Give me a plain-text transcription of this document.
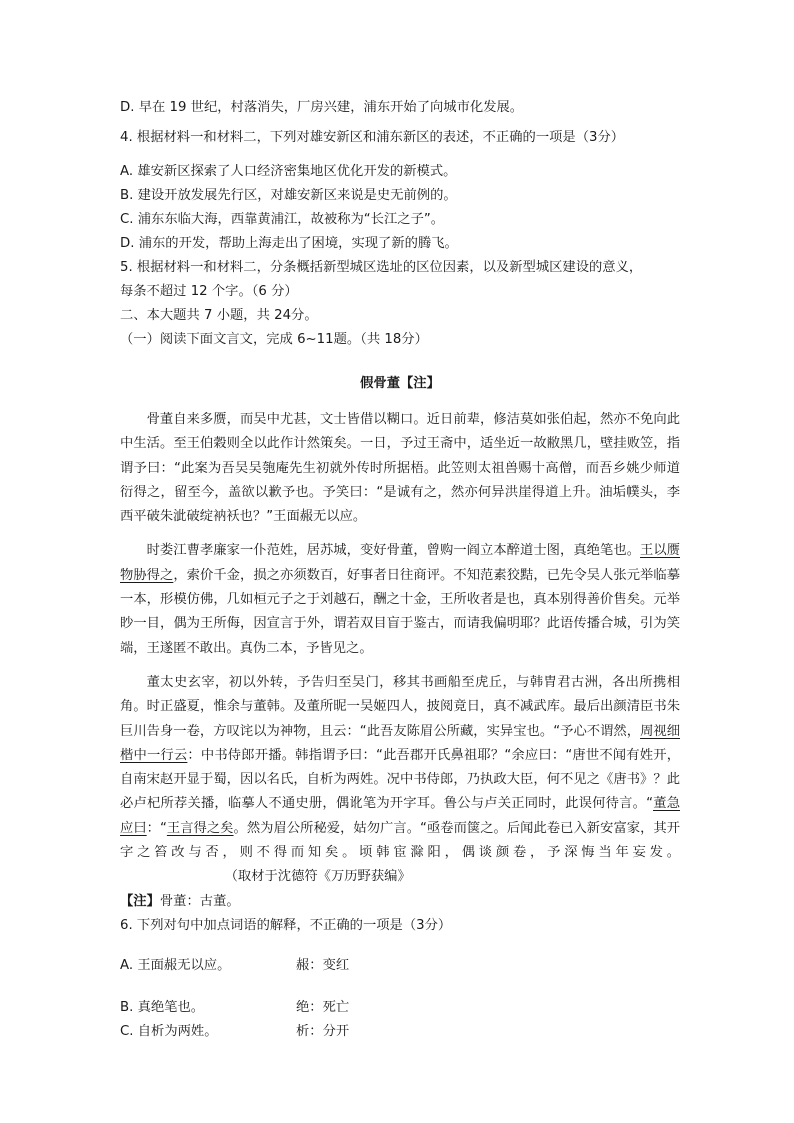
D. 早在 19 世纪，村落消失，厂房兴建，浦东开始了向城市化发展。

4. 根据材料一和材料二，下列对雄安新区和浦东新区的表述，不正确的一项是（3分）

A. 雄安新区探索了人口经济密集地区优化开发的新模式。

B. 建设开放发展先行区，对雄安新区来说是史无前例的。

C. 浦东东临大海，西靠黄浦江，故被称为“长江之子”。

D. 浦东的开发，帮助上海走出了困境，实现了新的腾飞。

5. 根据材料一和材料二，分条概括新型城区选址的区位因素，以及新型城区建设的意义，

每条不超过 12 个字。（6 分）

二、本大题共 7 小题，共 24分。

（一）阅读下面文言文，完成 6~11题。（共 18分）

假骨董【注】

骨董自来多赝，而吴中尤甚，文士皆借以糊口。近日前辈，修洁莫如张伯起，然亦不免向此中生活。至王伯穀则全以此作计然策矣。一日，予过王斋中，适坐近一故敝黑几，壁挂败笠，指谓予曰：“此案为吾吴吴匏庵先生初就外传时所据梧。此笠则太祖兽赐十高僧，而吾乡姚少师道衍得之，留至今，盖欲以歉予也。予笑曰：“是诚有之，然亦何异洪崖得道上升。油垢幞头，李西平破朱泚破绽衲袄也？”王面赧无以应。

时娄江曹孝廉家一仆范姓，居苏城，变好骨董，曾购一阎立本醉道士图，真绝笔也。王以赝物胁得之，索价千金，损之亦须数百，好事者日往商评。不知范素狡黠，已先令吴人张元举临摹一本，形模仿佛，几如桓元子之于刘越石，酬之十金，王所收者是也，真本别得善价售矣。元举眇一目，偶为王所侮，因宣言于外，谓若双目盲于鉴古，而请我偏明耶？此语传播合城，引为笑端，王遂匿不敢出。真伪二本，予皆见之。

董太史玄宰，初以外转，予告归至吴门，移其书画船至虎丘，与韩胄君古洲，各出所携相角。时正盛夏，惟余与董韩。及董所昵一吴姬四人，披阅竟日，真不减武库。最后出颜清臣书朱巨川告身一卷，方叹诧以为神物，且云：“此吾友陈眉公所藏，实异宝也。“予心不谓然，周视细楷中一行云：中书侍郎开播。韩指谓予曰：“此吾郡开氏鼻祖耶？“余应曰：“唐世不闻有姓开，自南宋赵开显于蜀，因以名氏，自析为两姓。况中书侍郎，乃执政大臣，何不见之《唐书》？此必卢杞所荐关播，临摹人不通史册，偶讹笔为开字耳。鲁公与卢关正同时，此误何待言。“董急应曰：“王言得之矣。然为眉公所秘爱，姑勿广言。“亟卷而箧之。后闻此卷已入新安富家，其开字之笞改与否，则不得而知矣。顷韩宦滁阳，偶谈颜卷，予深悔当年妄发。（取材于沈德符《万历野获编》

【注】骨董：古董。

6. 下列对句中加点词语的解释，不正确的一项是（3分）

A. 王面赧无以应。	赧：变红
B. 真绝笔也。	绝：死亡
C. 自析为两姓。	析：分开
